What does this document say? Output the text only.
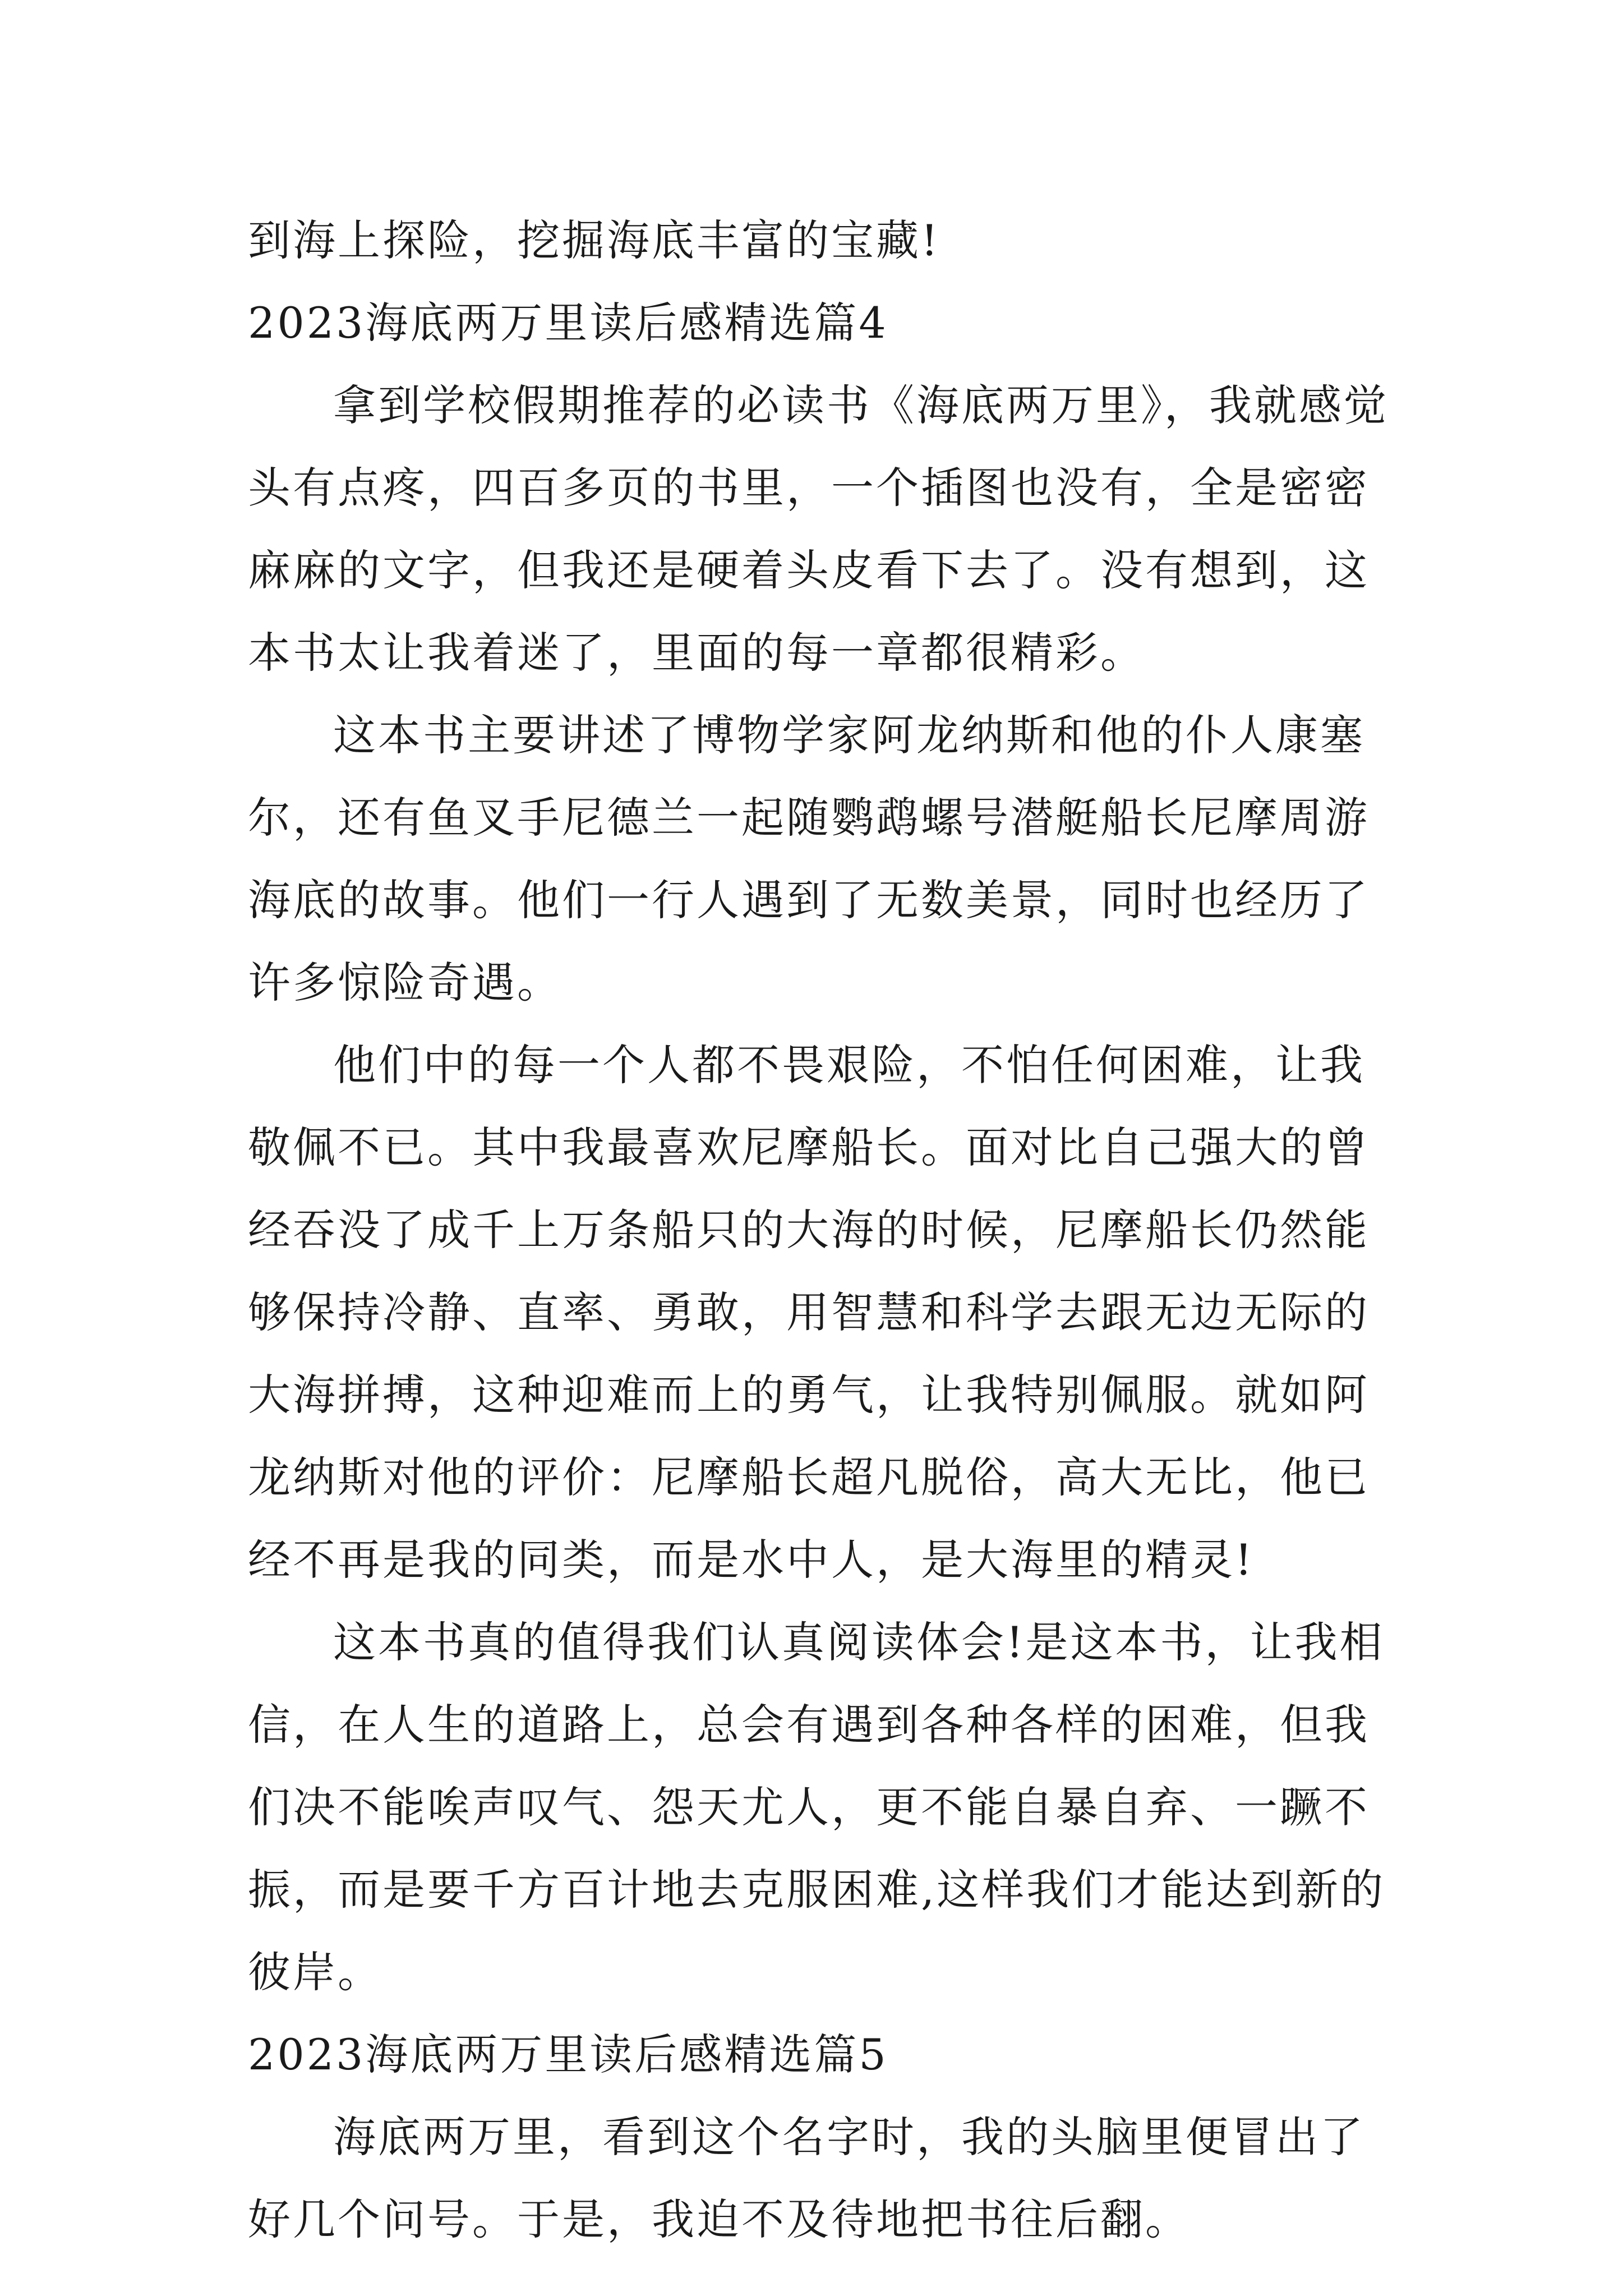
到海上探险，挖掘海底丰富的宝藏!

2023海底两万里读后感精选篇4

拿到学校假期推荐的必读书《海底两万里》，我就感觉头有点疼，四百多页的书里，一个插图也没有，全是密密麻麻的文字，但我还是硬着头皮看下去了。没有想到，这本书太让我着迷了，里面的每一章都很精彩。

这本书主要讲述了博物学家阿龙纳斯和他的仆人康塞尔，还有鱼叉手尼德兰一起随鹦鹉螺号潜艇船长尼摩周游海底的故事。他们一行人遇到了无数美景，同时也经历了许多惊险奇遇。

他们中的每一个人都不畏艰险，不怕任何困难，让我敬佩不已。其中我最喜欢尼摩船长。面对比自己强大的曾经吞没了成千上万条船只的大海的时候，尼摩船长仍然能够保持冷静、直率、勇敢，用智慧和科学去跟无边无际的大海拼搏，这种迎难而上的勇气，让我特别佩服。就如阿龙纳斯对他的评价：尼摩船长超凡脱俗，高大无比，他已经不再是我的同类，而是水中人，是大海里的精灵!

这本书真的值得我们认真阅读体会!是这本书，让我相信，在人生的道路上，总会有遇到各种各样的困难，但我们决不能唉声叹气、怨天尤人，更不能自暴自弃、一蹶不振，而是要千方百计地去克服困难,这样我们才能达到新的彼岸。

2023海底两万里读后感精选篇5

海底两万里，看到这个名字时，我的头脑里便冒出了好几个问号。于是，我迫不及待地把书往后翻。
